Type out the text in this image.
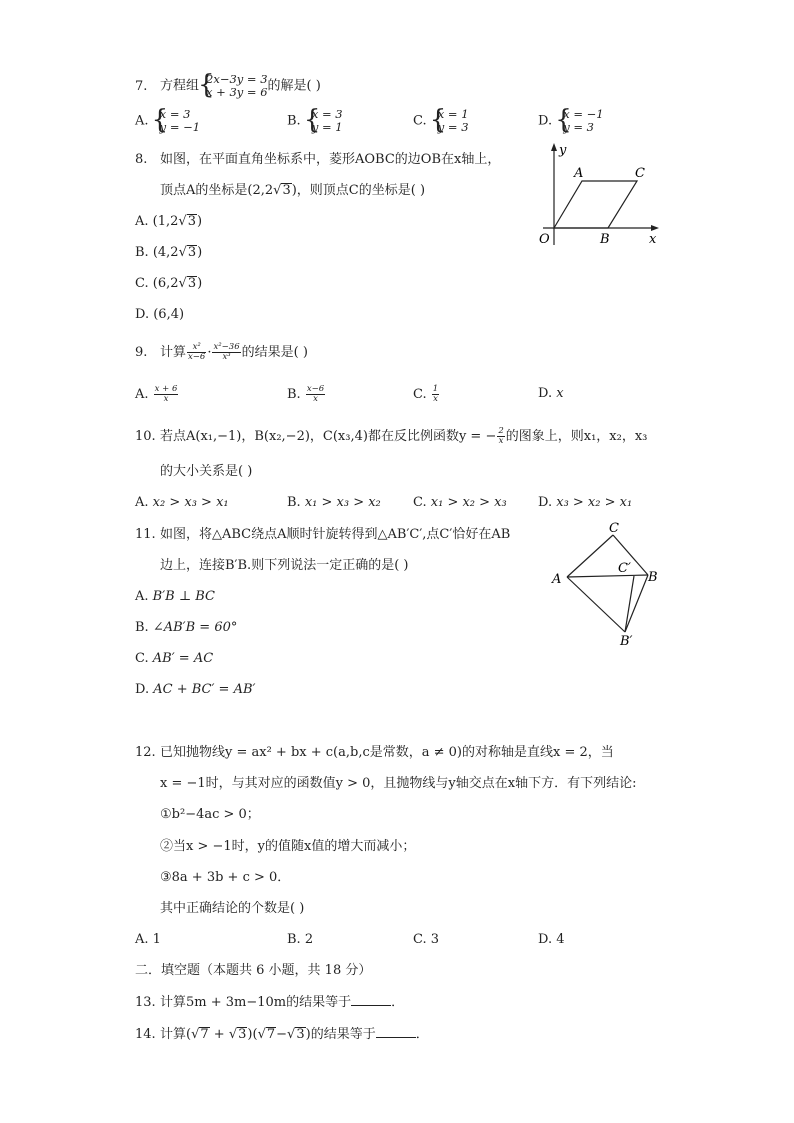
7. 方程组 {
2x−3y = 3
x + 3y = 6 的解是( )
A. {
x = 3
y = −1	B. {
x = 3
y = 1	C. {
x = 1
y = 3	D. {
x = −1
y = 3
8. 如图，在平面直角坐标系中，菱形AOBC的边OB在x轴上，
顶点A的坐标是(2,2√3)，则顶点C的坐标是( )
A. (1,2√3)
B. (4,2√3)
C. (6,2√3)
D. (6,4)
y
x
O
A
B
C
9. 计算 $\frac{\text{x²}}{x-6} \cdot \frac{\text{x²−36}}{\text{x³}}$ 的结果是( )
A. $\frac{x + 6}{x}$	B. $\frac{x-6}{x}$	C. $\frac{1}{x}$	D. x
10. 若点A(x₁,−1)，B(x₂,−2)，C(x₃,4)都在反比例函数y = − $\frac{2}{x}$ 的图象上，则x₁，x₂，x₃
的大小关系是( )
A. x₂ > x₃ > x₁	B. x₁ > x₃ > x₂ C. x₁ > x₂ > x₃ D. x₃ > x₂ > x₁
11. 如图，将△ABC绕点A顺时针旋转得到△AB′C′,点C′恰好在AB
边上，连接B′B.则下列说法一定正确的是( )
A. B′B ⊥ BC
B. ∠AB′B = 60°
C. AB′ = AC
D. AC + BC′ = AB′
C
A
C′
B
B′
12. 已知抛物线y = ax² + bx + c(a,b,c是常数，a ≠ 0)的对称轴是直线x = 2，当
x = −1时，与其对应的函数值y > 0，且抛物线与y轴交点在x轴下方．有下列结论:
①b²−4ac > 0；
②当x > −1时，y的值随x值的增大而减小；
③8a + 3b + c > 0．
其中正确结论的个数是( )
A. 1	B. 2	C. 3	D. 4
二．填空题（本题共 6 小题，共 18 分）
13. 计算5m + 3m−10m的结果等于	．
14. 计算(√7 + √3)(√7−√3)的结果等于	．
